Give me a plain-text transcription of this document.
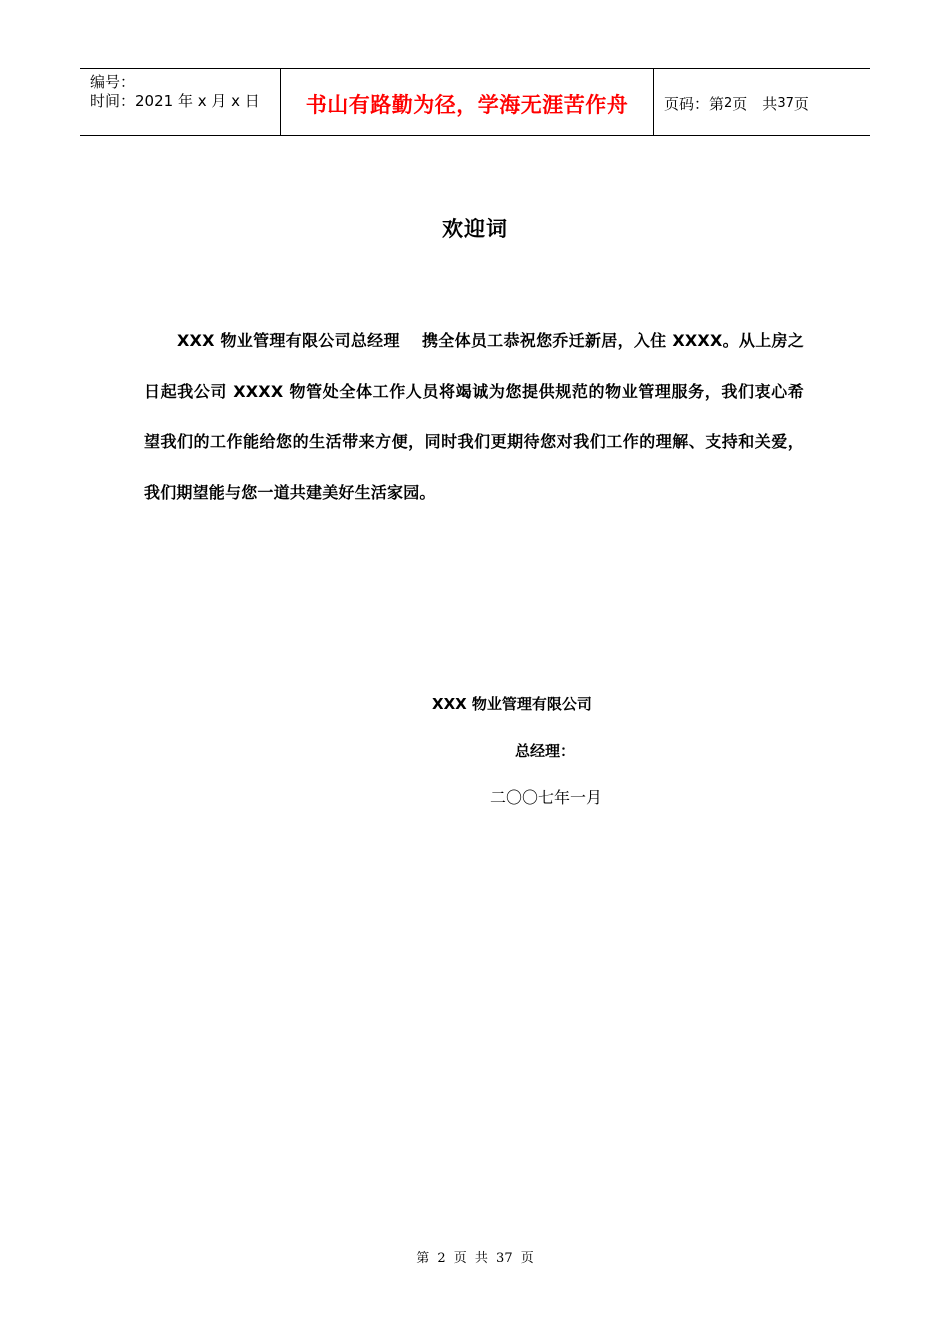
编号：
时间：2021 年 x 月 x 日	书山有路勤为径，学海无涯苦作舟 页码：第 2 页　共 37 页
欢迎词
XXX 物业管理有限公司总经理　 携全体员工恭祝您乔迁新居，入住 XXXX。从上房之日起我公司 XXXX 物管处全体工作人员将竭诚为您提供规范的物业管理服务，我们衷心希望我们的工作能给您的生活带来方便，同时我们更期待您对我们工作的理解、支持和关爱，我们期望能与您一道共建美好生活家园。
XXX 物业管理有限公司
总经理：
二〇〇七年一月
第 2 页 共 37 页
